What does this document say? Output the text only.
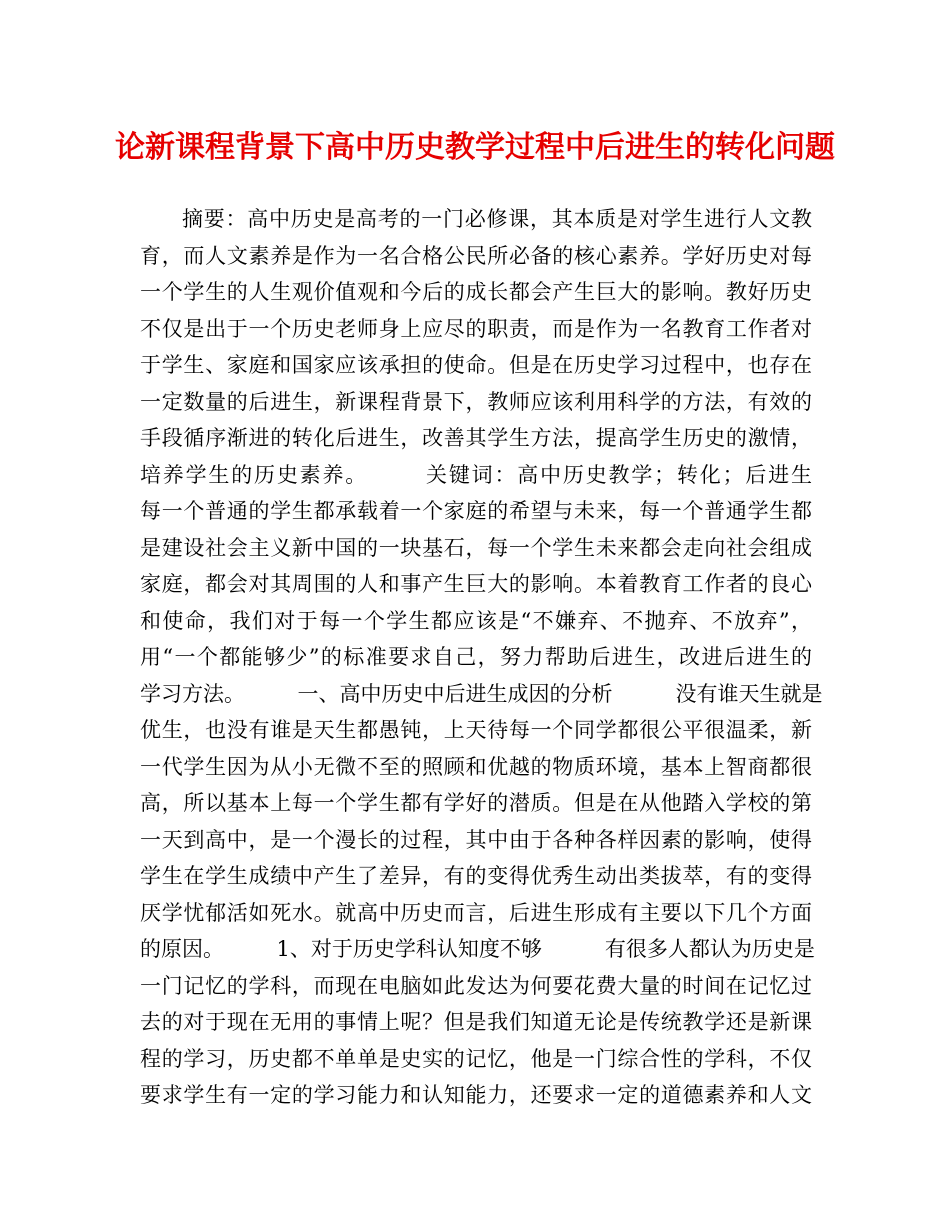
论新课程背景下高中历史教学过程中后进生的转化问题
摘要：高中历史是高考的一门必修课，其本质是对学生进行人文教
育，而人文素养是作为一名合格公民所必备的核心素养。学好历史对每
一个学生的人生观价值观和今后的成长都会产生巨大的影响。教好历史
不仅是出于一个历史老师身上应尽的职责，而是作为一名教育工作者对
于学生、家庭和国家应该承担的使命。但是在历史学习过程中，也存在
一定数量的后进生，新课程背景下，教师应该利用科学的方法，有效的
手段循序渐进的转化后进生，改善其学生方法，提高学生历史的激情，
培养学生的历史素养。　　　关键词：高中历史教学；转化；后进生
每一个普通的学生都承载着一个家庭的希望与未来，每一个普通学生都
是建设社会主义新中国的一块基石，每一个学生未来都会走向社会组成
家庭，都会对其周围的人和事产生巨大的影响。本着教育工作者的良心
和使命，我们对于每一个学生都应该是“不嫌弃、不抛弃、不放弃”，
用“一个都能够少”的标准要求自己，努力帮助后进生，改进后进生的
学习方法。　　　一、高中历史中后进生成因的分析　　　没有谁天生就是
优生，也没有谁是天生都愚钝，上天待每一个同学都很公平很温柔，新
一代学生因为从小无微不至的照顾和优越的物质环境，基本上智商都很
高，所以基本上每一个学生都有学好的潜质。但是在从他踏入学校的第
一天到高中，是一个漫长的过程，其中由于各种各样因素的影响，使得
学生在学生成绩中产生了差异，有的变得优秀生动出类拔萃，有的变得
厌学忧郁活如死水。就高中历史而言，后进生形成有主要以下几个方面
的原因。　　　1、对于历史学科认知度不够　　　有很多人都认为历史是
一门记忆的学科，而现在电脑如此发达为何要花费大量的时间在记忆过
去的对于现在无用的事情上呢？但是我们知道无论是传统教学还是新课
程的学习，历史都不单单是史实的记忆，他是一门综合性的学科，不仅
要求学生有一定的学习能力和认知能力，还要求一定的道德素养和人文
